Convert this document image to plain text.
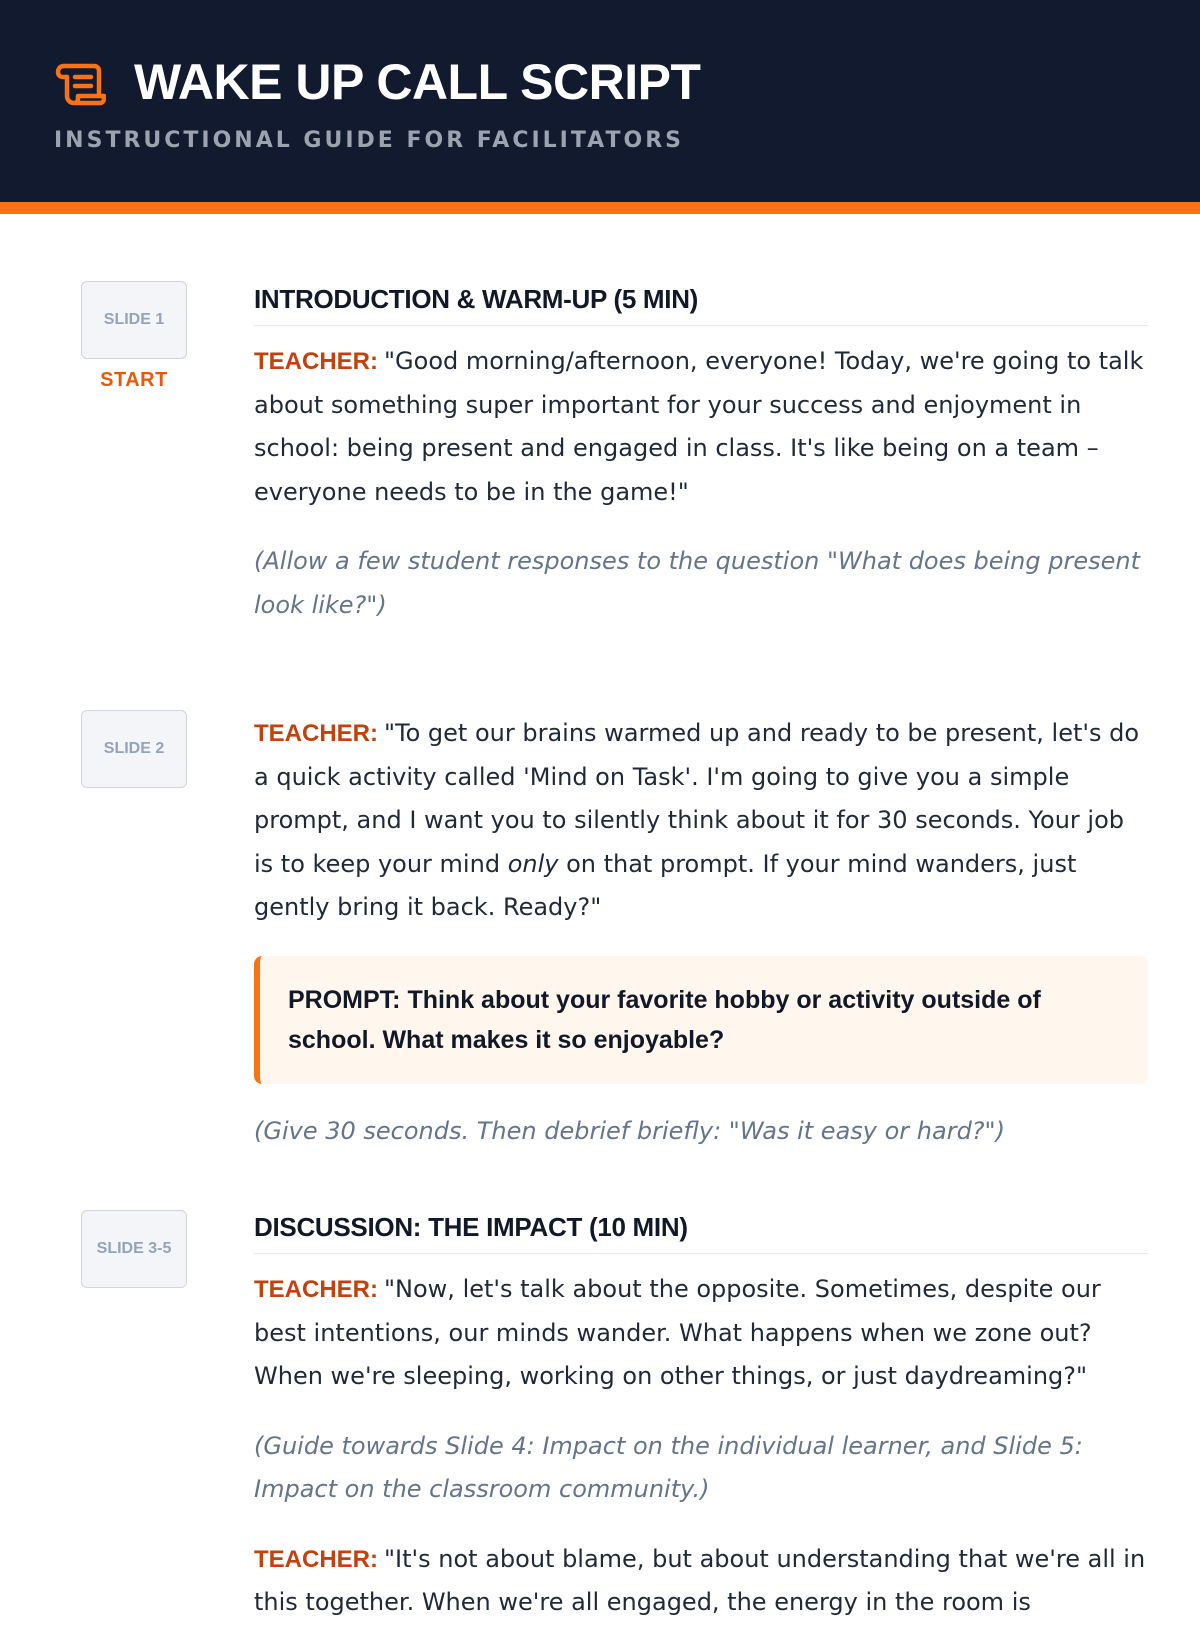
WAKE UP CALL SCRIPT
INSTRUCTIONAL GUIDE FOR FACILITATORS
SLIDE 1
START
INTRODUCTION & WARM-UP (5 MIN)

TEACHER: "Good morning/afternoon, everyone! Today, we're going to talk about something super important for your success and enjoyment in school: being present and engaged in class. It's like being on a team – everyone needs to be in the game!"

(Allow a few student responses to the question "What does being present look like?")

SLIDE 2

TEACHER: "To get our brains warmed up and ready to be present, let's do a quick activity called 'Mind on Task'. I'm going to give you a simple prompt, and I want you to silently think about it for 30 seconds. Your job is to keep your mind only on that prompt. If your mind wanders, just gently bring it back. Ready?"

PROMPT: Think about your favorite hobby or activity outside of school. What makes it so enjoyable?

(Give 30 seconds. Then debrief briefly: "Was it easy or hard?")

SLIDE 3-5
DISCUSSION: THE IMPACT (10 MIN)

TEACHER: "Now, let's talk about the opposite. Sometimes, despite our best intentions, our minds wander. What happens when we zone out? When we're sleeping, working on other things, or just daydreaming?"

(Guide towards Slide 4: Impact on the individual learner, and Slide 5: Impact on the classroom community.)

TEACHER: "It's not about blame, but about understanding that we're all in this together. When we're all engaged, the energy in the room is
